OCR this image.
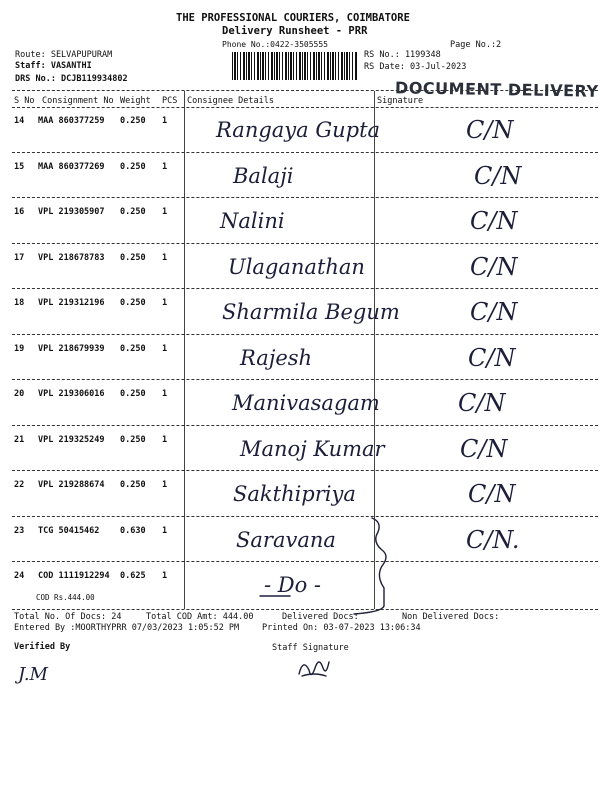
THE PROFESSIONAL COURIERS, COIMBATORE
Delivery Runsheet - PRR
Phone No.:0422-3505555	Page No.:2
Route: SELVAPUPURAM
Staff: VASANTHI
DRS No.: DCJB119934802
RS No.: 1199348
RS Date: 03-Jul-2023
DOCUMENT DELIVERY
S No Consignment No Weight PCS Consignee Details	Signature
14 MAA 860377259 0.250 1 Rangaya Gupta	C/N
15 MAA 860377269 0.250 1	Balaji	C/N
16 VPL 219305907 0.250 1	Nalini	C/N
17 VPL 218678783 0.250 1	Ulaganathan	C/N
18 VPL 219312196 0.250 1	Sharmila Begum	C/N
19 VPL 218679939 0.250 1	Rajesh	C/N
20 VPL 219306016 0.250 1	Manivasagam	C/N
21 VPL 219325249 0.250 1	Manoj Kumar	C/N
22 VPL 219288674 0.250 1	Sakthipriya	C/N
23 TCG 50415462 0.630 1	Saravana	C/N.
24 COD 1111912294 0.625 1	- Do -
COD Rs.444.00
Total No. Of Docs: 24	Total COD Amt: 444.00	Delivered Docs:	Non Delivered Docs:
Entered By :MOORTHYPRR 07/03/2023 1:05:52 PM	Printed On: 03-07-2023 13:06:34
Verified By	Staff Signature
J.M
